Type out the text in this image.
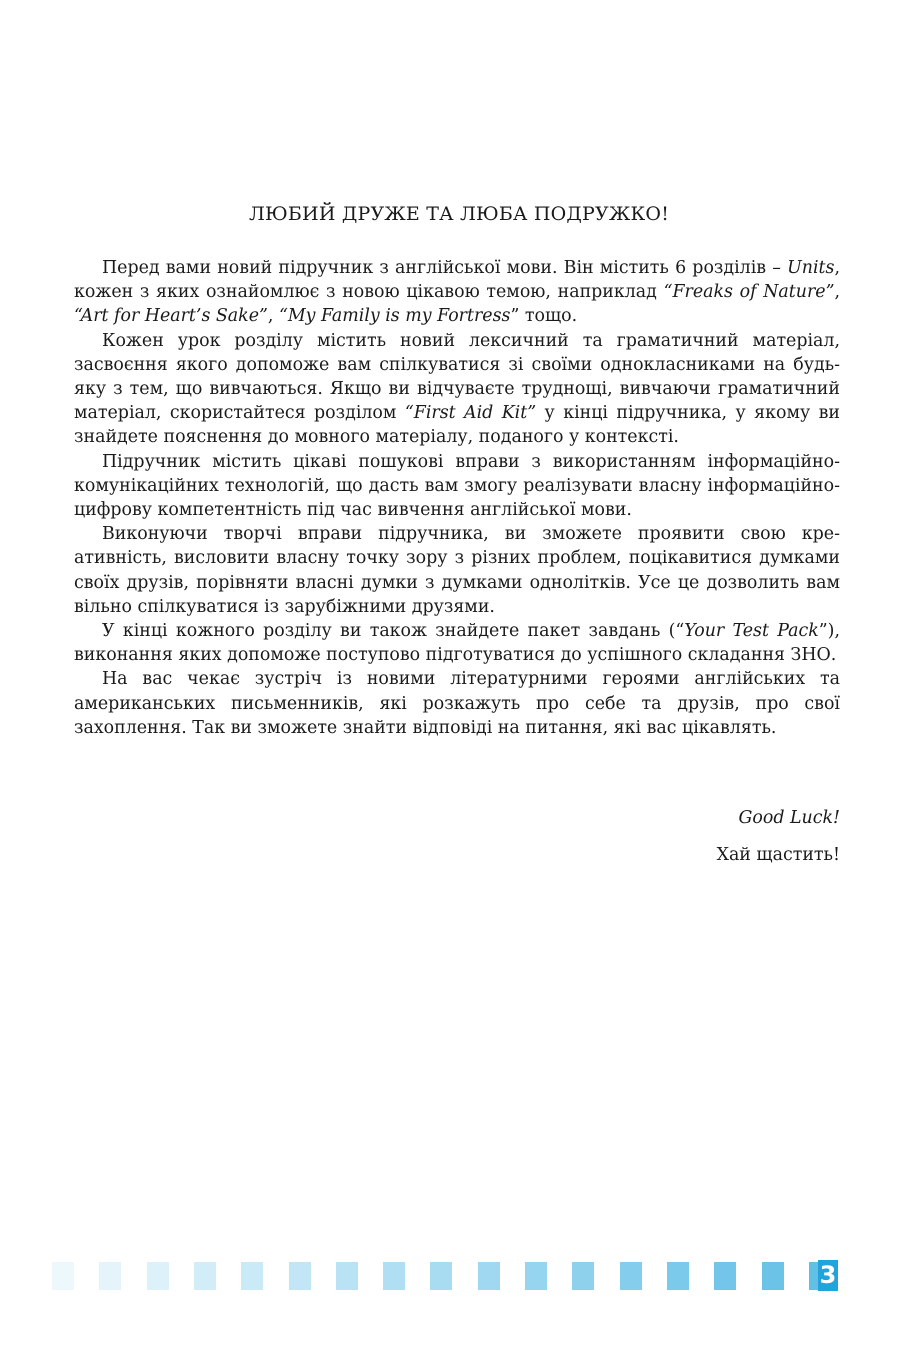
ЛЮБИЙ ДРУЖЕ ТА ЛЮБА ПОДРУЖКО!

Перед вами новий підручник з англійської мови. Він містить 6 розділів – Units, кожен з яких ознайомлює з новою цікавою темою, наприклад “Freaks of Nature”, “Art for Heart’s Sake”, “My Family is my Fortress” тощо.

Кожен урок розділу містить новий лексичний та граматичний матеріал, засвоєння якого допоможе вам спілкуватися зі своїми однокласниками на будь-яку з тем, що вивчаються. Якщо ви відчуваєте труднощі, вивчаючи граматичний матеріал, скористайтеся розділом “First Aid Kit” у кінці підручника, у якому ви знайдете пояснення до мовного матеріалу, поданого у контексті.

Підручник містить цікаві пошукові вправи з використанням інформаційно-комунікаційних технологій, що дасть вам змогу реалізувати власну інформаційно-цифрову компетентність під час вивчення англійської мови.

Виконуючи творчі вправи підручника, ви зможете проявити свою креативність, висловити власну точку зору з різних проблем, поцікавитися думками своїх друзів, порівняти власні думки з думками однолітків. Усе це дозволить вам вільно спілкуватися із зарубіжними друзями.

У кінці кожного розділу ви також знайдете пакет завдань (“Your Test Pack”), виконання яких допоможе поступово підготуватися до успішного складання ЗНО.

На вас чекає зустріч із новими літературними героями англійських та американських письменників, які розкажуть про себе та друзів, про свої захоплення. Так ви зможете знайти відповіді на питання, які вас цікавлять.

Good Luck!

Хай щастить!

3
